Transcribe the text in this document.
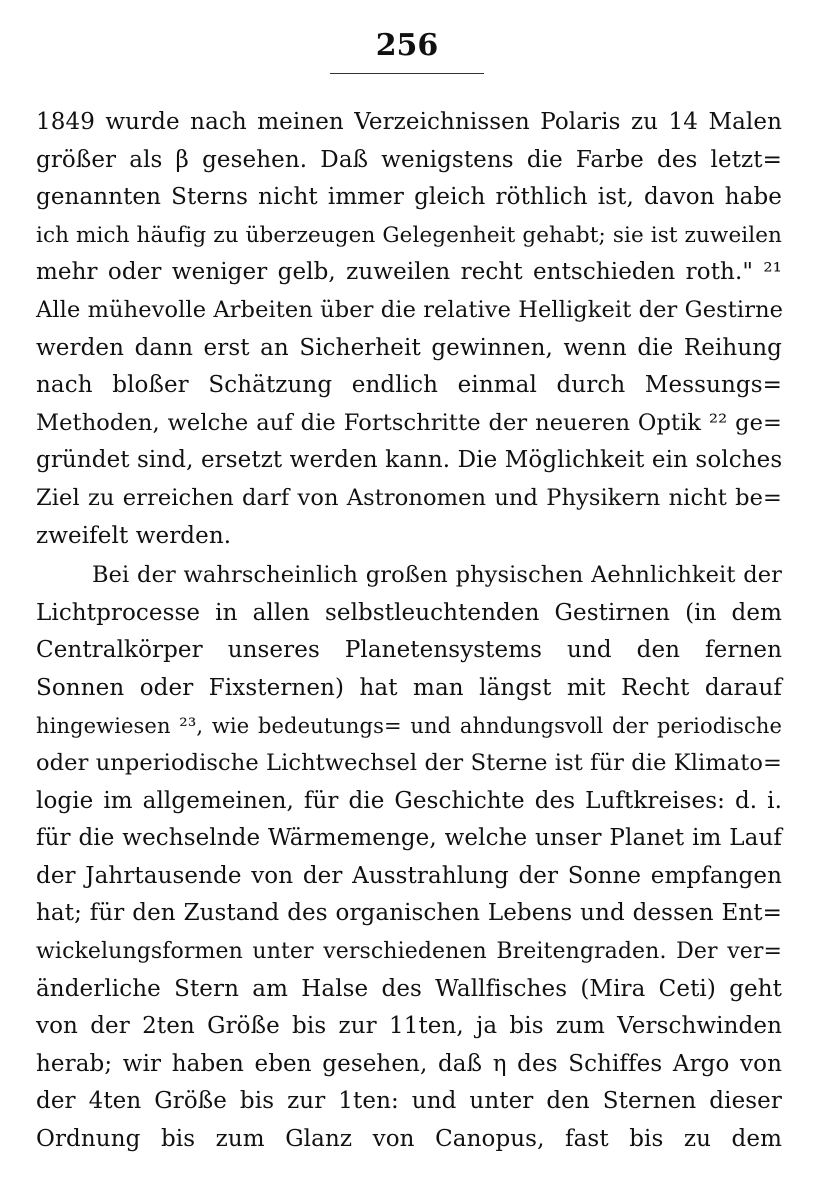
256
1849 wurde nach meinen Verzeichnissen Polaris zu 14 Malen
größer als β gesehen. Daß wenigstens die Farbe des letzt=
genannten Sterns nicht immer gleich röthlich ist, davon habe
ich mich häufig zu überzeugen Gelegenheit gehabt; sie ist zuweilen
mehr oder weniger gelb, zuweilen recht entschieden roth." ²¹
Alle mühevolle Arbeiten über die relative Helligkeit der Gestirne
werden dann erst an Sicherheit gewinnen, wenn die Reihung
nach bloßer Schätzung endlich einmal durch Messungs=
Methoden, welche auf die Fortschritte der neueren Optik ²² ge=
gründet sind, ersetzt werden kann. Die Möglichkeit ein solches
Ziel zu erreichen darf von Astronomen und Physikern nicht be=
zweifelt werden.
Bei der wahrscheinlich großen physischen Aehnlichkeit der
Lichtprocesse in allen selbstleuchtenden Gestirnen (in dem
Centralkörper unseres Planetensystems und den fernen
Sonnen oder Fixsternen) hat man längst mit Recht darauf
hingewiesen ²³, wie bedeutungs= und ahndungsvoll der periodische
oder unperiodische Lichtwechsel der Sterne ist für die Klimato=
logie im allgemeinen, für die Geschichte des Luftkreises: d. i.
für die wechselnde Wärmemenge, welche unser Planet im Lauf
der Jahrtausende von der Ausstrahlung der Sonne empfangen
hat; für den Zustand des organischen Lebens und dessen Ent=
wickelungsformen unter verschiedenen Breitengraden. Der ver=
änderliche Stern am Halse des Wallfisches (Mira Ceti) geht
von der 2ten Größe bis zur 11ten, ja bis zum Verschwinden
herab; wir haben eben gesehen, daß η des Schiffes Argo von
der 4ten Größe bis zur 1ten: und unter den Sternen dieser
Ordnung bis zum Glanz von Canopus, fast bis zu dem
